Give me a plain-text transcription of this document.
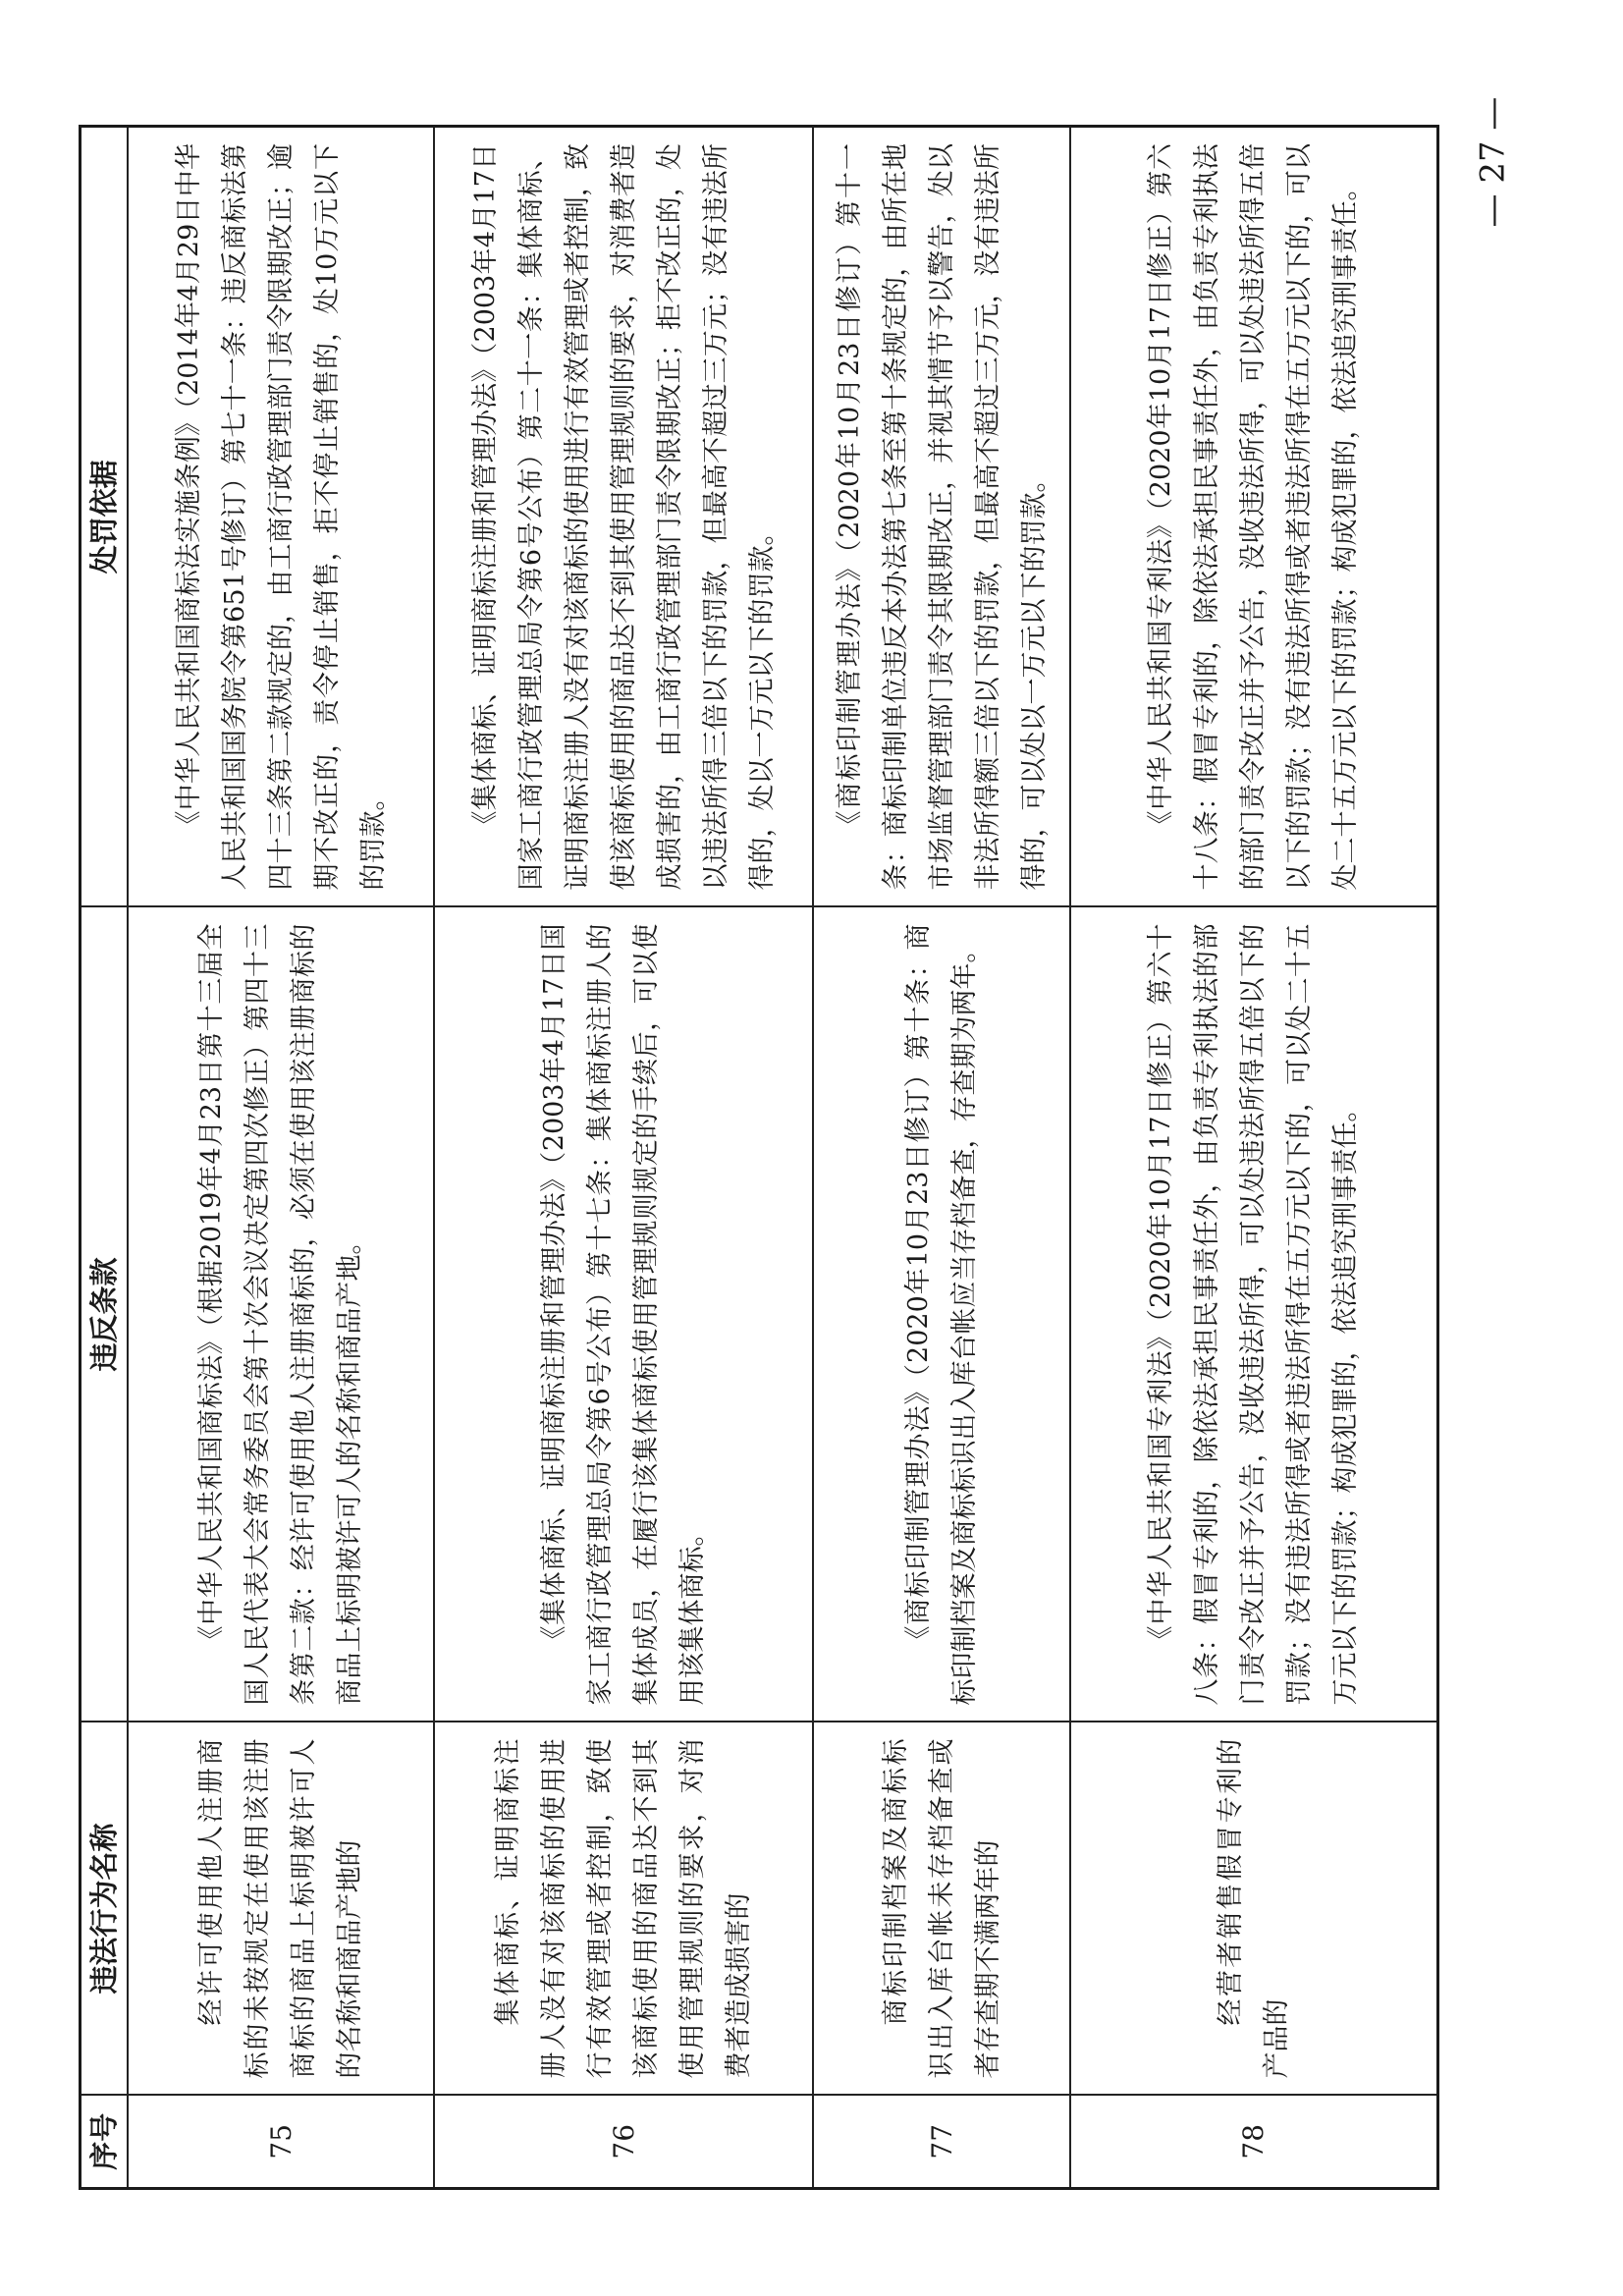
序号	违法行为名称	违反条款	处罚依据
75	经许可使用他人注册商标的未按规定在使用该注册商标的商品上标明被许可人的名称和商品产地的	《中华人民共和国商标法》（根据2019年4月23日第十三届全国人民代表大会常务委员会第十次会议决定第四次修正）第四十三条第二款：经许可使用他人注册商标的，必须在使用该注册商标的商品上标明被许可人的名称和商品产地。	《中华人民共和国商标法实施条例》（2014年4月29日中华人民共和国国务院令第651号修订）第七十一条：违反商标法第四十三条第二款规定的，由工商行政管理部门责令限期改正；逾期不改正的，责令停止销售，拒不停止销售的，处10万元以下的罚款。

76	集体商标、证明商标注册人没有对该商标的使用进行有效管理或者控制，致使该商标使用的商品达不到其使用管理规则的要求，对消费者造成损害的	《集体商标、证明商标注册和管理办法》（2003年4月17日国家工商行政管理总局令第6号公布）第十七条：集体商标注册人的集体成员，在履行该集体商标使用管理规则规定的手续后，可以使用该集体商标。	《集体商标、证明商标注册和管理办法》（2003年4月17日国家工商行政管理总局令第6号公布）第二十一条：集体商标、证明商标注册人没有对该商标的使用进行有效管理或者控制，致使该商标使用的商品达不到其使用管理规则的要求，对消费者造成损害的，由工商行政管理部门责令限期改正；拒不改正的，处以违法所得三倍以下的罚款，但最高不超过三万元；没有违法所得的，处以一万元以下的罚款。

77	商标印制档案及商标标识出入库台帐未存档备查或者存查期不满两年的	《商标印制管理办法》（2020年10月23日修订）第十条：商标印制档案及商标标识出入库台帐应当存档备查，存查期为两年。	《商标印制管理办法》（2020年10月23日修订）第十一条：商标印制单位违反本办法第七条至第十条规定的，由所在地市场监督管理部门责令其限期改正，并视其情节予以警告，处以非法所得额三倍以下的罚款，但最高不超过三万元，没有违法所得的，可以处以一万元以下的罚款。

78	经营者销售假冒专利的产品的	《中华人民共和国专利法》（2020年10月17日修正）第六十八条：假冒专利的，除依法承担民事责任外，由负责专利执法的部门责令改正并予公告，没收违法所得，可以处违法所得五倍以下的罚款；没有违法所得或者违法所得在五万元以下的，可以处二十五万元以下的罚款；构成犯罪的，依法追究刑事责任。	《中华人民共和国专利法》（2020年10月17日修正）第六十八条：假冒专利的，除依法承担民事责任外，由负责专利执法的部门责令改正并予公告，没收违法所得，可以处违法所得五倍以下的罚款；没有违法所得或者违法所得在五万元以下的，可以处二十五万元以下的罚款；构成犯罪的，依法追究刑事责任。
— 27 —
